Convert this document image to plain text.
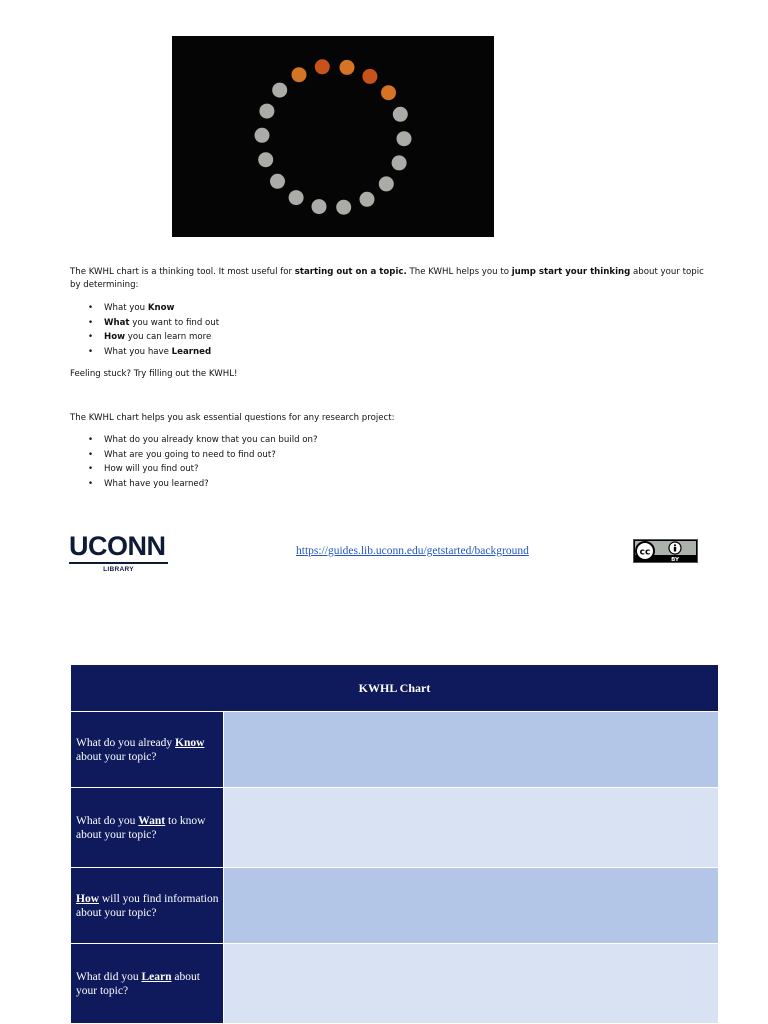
The KWHL chart is a thinking tool. It most useful for starting out on a topic. The KWHL helps you to jump start your thinking about your topic by determining:

• What you Know
• What you want to find out
• How you can learn more
• What you have Learned

Feeling stuck? Try filling out the KWHL!

The KWHL chart helps you ask essential questions for any research project:

• What do you already know that you can build on?
• What are you going to need to find out?
• How will you find out?
• What have you learned?
UCONN
LIBRARY
https://guides.lib.uconn.edu/getstarted/background	cc
BY
KWHL Chart	
What do you already Know about your topic?	
What do you Want to know about your topic?	
How will you find information about your topic?	
What did you Learn about your topic?	
